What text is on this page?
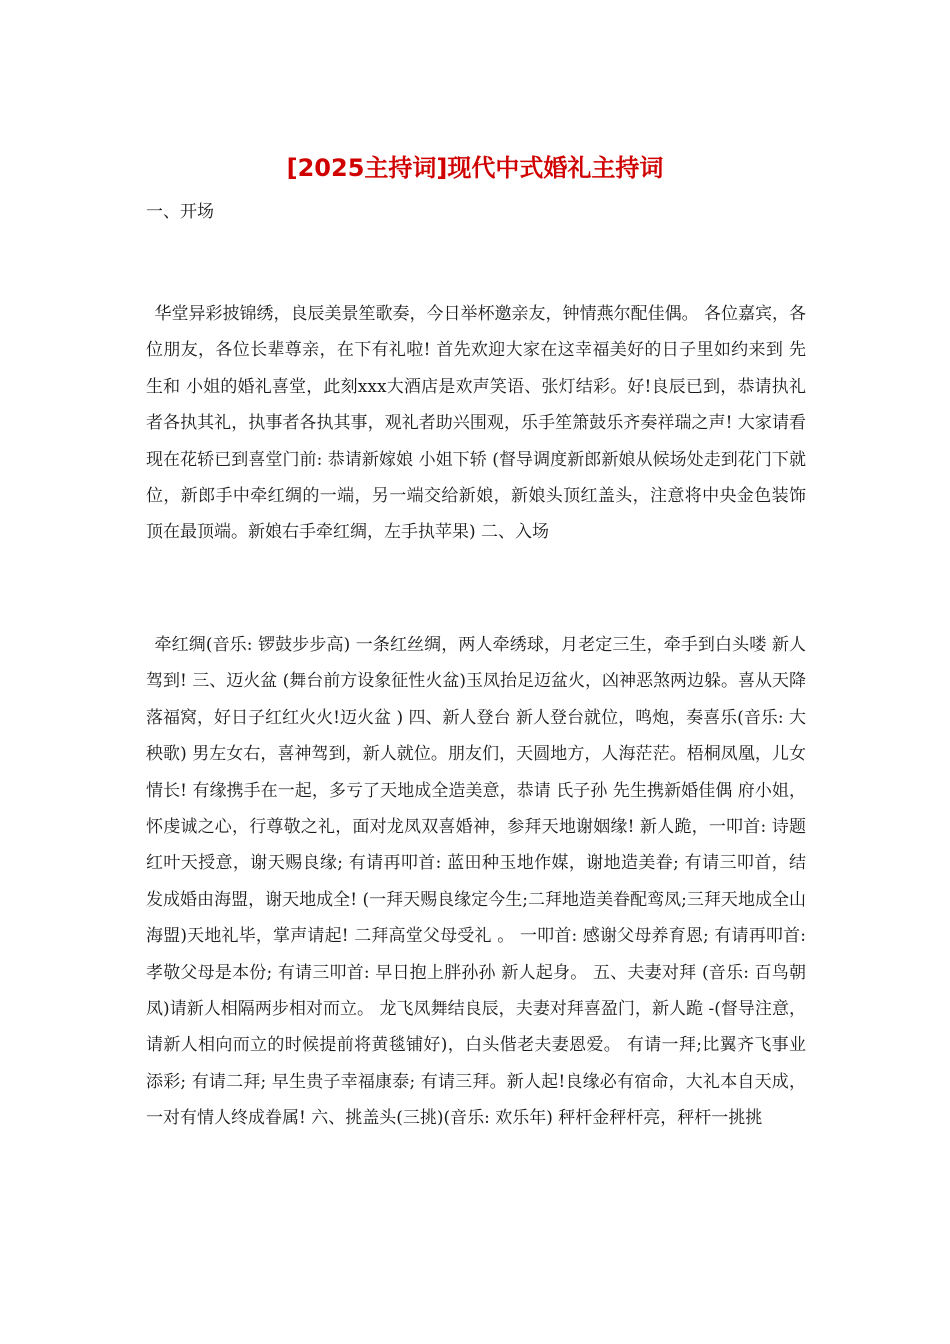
[2025主持词]现代中式婚礼主持词
一、开场

华堂异彩披锦绣，良辰美景笙歌奏，今日举杯邀亲友，钟情燕尔配佳偶。 各位嘉宾，各位朋友，各位长辈尊亲，在下有礼啦! 首先欢迎大家在这幸福美好的日子里如约来到 先生和 小姐的婚礼喜堂，此刻xxx大酒店是欢声笑语、张灯结彩。好!良辰已到，恭请执礼者各执其礼，执事者各执其事，观礼者助兴围观，乐手笙箫鼓乐齐奏祥瑞之声! 大家请看现在花轿已到喜堂门前: 恭请新嫁娘 小姐下轿 (督导调度新郎新娘从候场处走到花门下就位，新郎手中牵红绸的一端，另一端交给新娘，新娘头顶红盖头，注意将中央金色装饰顶在最顶端。新娘右手牵红绸，左手执苹果) 二、入场

牵红绸(音乐: 锣鼓步步高) 一条红丝绸，两人牵绣球，月老定三生，牵手到白头喽 新人驾到! 三、迈火盆 (舞台前方设象征性火盆)玉凤抬足迈盆火，凶神恶煞两边躲。喜从天降落福窝，好日子红红火火!迈火盆 ) 四、新人登台 新人登台就位，鸣炮，奏喜乐(音乐: 大秧歌) 男左女右，喜神驾到，新人就位。朋友们，天圆地方，人海茫茫。梧桐凤凰，儿女情长! 有缘携手在一起，多亏了天地成全造美意，恭请 氏子孙 先生携新婚佳偶 府小姐，怀虔诚之心，行尊敬之礼，面对龙凤双喜婚神，参拜天地谢姻缘! 新人跪，一叩首: 诗题红叶天授意，谢天赐良缘; 有请再叩首: 蓝田种玉地作媒，谢地造美眷; 有请三叩首，结发成婚由海盟，谢天地成全! (一拜天赐良缘定今生;二拜地造美眷配鸾凤;三拜天地成全山海盟)天地礼毕，掌声请起! 二拜高堂父母受礼 。 一叩首: 感谢父母养育恩; 有请再叩首: 孝敬父母是本份; 有请三叩首: 早日抱上胖孙孙 新人起身。 五、夫妻对拜 (音乐: 百鸟朝凤)请新人相隔两步相对而立。 龙飞凤舞结良辰，夫妻对拜喜盈门，新人跪 -(督导注意，请新人相向而立的时候提前将黄毯铺好)，白头偕老夫妻恩爱。 有请一拜;比翼齐飞事业添彩; 有请二拜; 早生贵子幸福康泰; 有请三拜。新人起!良缘必有宿命，大礼本自天成，一对有情人终成眷属! 六、挑盖头(三挑)(音乐: 欢乐年) 秤杆金秤杆亮，秤杆一挑挑
